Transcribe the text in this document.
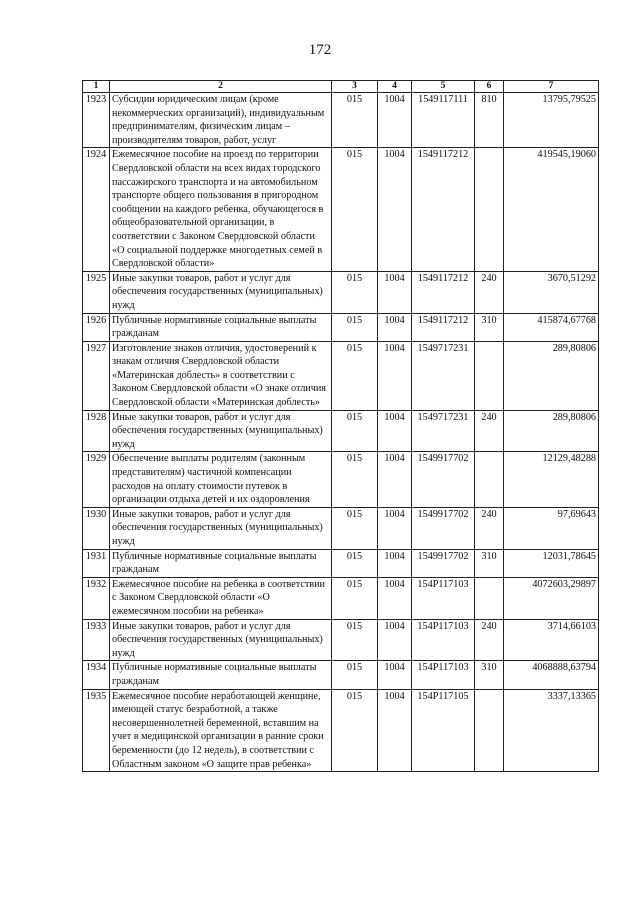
172
1	2	3	4	5	6	7
1923	Субсидии юридическим лицам (кроме некоммерческих организаций), индивидуальным предпринимателям, физическим лицам – производителям товаров, работ, услуг	015	1004	1549117111	810	13795,79525
1924	Ежемесячное пособие на проезд по территории Свердловской области на всех видах городского пассажирского транспорта и на автомобильном транспорте общего пользования в пригородном сообщении на каждого ребенка, обучающегося в общеобразовательной организации, в соответствии с Законом Свердловской области «О социальной поддержке многодетных семей в Свердловской области»	015	1004	1549117212		419545,19060
1925	Иные закупки товаров, работ и услуг для обеспечения государственных (муниципальных) нужд	015	1004	1549117212	240	3670,51292
1926	Публичные нормативные социальные выплаты гражданам	015	1004	1549117212	310	415874,67768
1927	Изготовление знаков отличия, удостоверений к знакам отличия Свердловской области «Материнская доблесть» в соответствии с Законом Свердловской области «О знаке отличия Свердловской области «Материнская доблесть»	015	1004	1549717231		289,80806
1928	Иные закупки товаров, работ и услуг для обеспечения государственных (муниципальных) нужд	015	1004	1549717231	240	289,80806
1929	Обеспечение выплаты родителям (законным представителям) частичной компенсации расходов на оплату стоимости путевок в организации отдыха детей и их оздоровления	015	1004	1549917702		12129,48288
1930	Иные закупки товаров, работ и услуг для обеспечения государственных (муниципальных) нужд	015	1004	1549917702	240	97,69643
1931	Публичные нормативные социальные выплаты гражданам	015	1004	1549917702	310	12031,78645
1932	Ежемесячное пособие на ребенка в соответствии с Законом Свердловской области «О ежемесячном пособии на ребенка»	015	1004	154P117103		4072603,29897
1933	Иные закупки товаров, работ и услуг для обеспечения государственных (муниципальных) нужд	015	1004	154P117103	240	3714,66103
1934	Публичные нормативные социальные выплаты гражданам	015	1004	154P117103	310	4068888,63794
1935	Ежемесячное пособие неработающей женщине, имеющей статус безработной, а также несовершеннолетней беременной, вставшим на учет в медицинской организации в ранние сроки беременности (до 12 недель), в соответствии с Областным законом «О защите прав ребенка»	015	1004	154P117105		3337,13365
